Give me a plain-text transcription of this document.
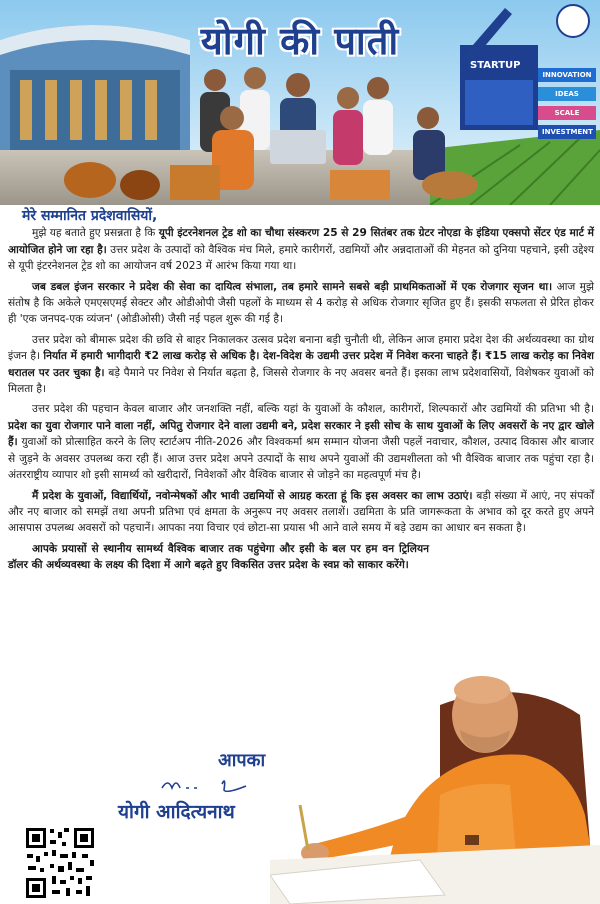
योगी की पाती
STARTUP
INNOVATION
IDEAS
SCALE
INVESTMENT
मेरे सम्मानित प्रदेशवासियों,

मुझे यह बताते हुए प्रसन्नता है कि यूपी इंटरनेशनल ट्रेड शो का चौथा संस्करण 25 से 29 सितंबर तक ग्रेटर नोएडा के इंडिया एक्सपो सेंटर एंड मार्ट में आयोजित होने जा रहा है। उत्तर प्रदेश के उत्पादों को वैश्विक मंच मिले, हमारे कारीगरों, उद्यमियों और अन्नदाताओं की मेहनत को दुनिया पहचाने, इसी उद्देश्य से यूपी इंटरनेशनल ट्रेड शो का आयोजन वर्ष 2023 में आरंभ किया गया था।

जब डबल इंजन सरकार ने प्रदेश की सेवा का दायित्व संभाला, तब हमारे सामने सबसे बड़ी प्राथमिकताओं में एक रोजगार सृजन था। आज मुझे संतोष है कि अकेले एमएसएमई सेक्टर और ओडीओपी जैसी पहलों के माध्यम से 4 करोड़ से अधिक रोजगार सृजित हुए हैं। इसकी सफलता से प्रेरित होकर ही 'एक जनपद-एक व्यंजन' (ओडीओसी) जैसी नई पहल शुरू की गई है।

उत्तर प्रदेश को बीमारू प्रदेश की छवि से बाहर निकालकर उत्सव प्रदेश बनाना बड़ी चुनौती थी, लेकिन आज हमारा प्रदेश देश की अर्थव्यवस्था का ग्रोथ इंजन है। निर्यात में हमारी भागीदारी ₹2 लाख करोड़ से अधिक है। देश-विदेश के उद्यमी उत्तर प्रदेश में निवेश करना चाहते हैं। ₹15 लाख करोड़ का निवेश धरातल पर उतर चुका है। बड़े पैमाने पर निवेश से निर्यात बढ़ता है, जिससे रोजगार के नए अवसर बनते हैं। इसका लाभ प्रदेशवासियों, विशेषकर युवाओं को मिलता है।

उत्तर प्रदेश की पहचान केवल बाजार और जनशक्ति नहीं, बल्कि यहां के युवाओं के कौशल, कारीगरों, शिल्पकारों और उद्यमियों की प्रतिभा भी है। प्रदेश का युवा रोजगार पाने वाला नहीं, अपितु रोजगार देने वाला उद्यमी बने, प्रदेश सरकार ने इसी सोच के साथ युवाओं के लिए अवसरों के नए द्वार खोले हैं। युवाओं को प्रोत्साहित करने के लिए स्टार्टअप नीति-2026 और विश्वकर्मा श्रम सम्मान योजना जैसी पहलें नवाचार, कौशल, उत्पाद विकास और बाजार से जुड़ने के अवसर उपलब्ध करा रही हैं। आज उत्तर प्रदेश अपने उत्पादों के साथ अपने युवाओं की उद्यमशीलता को भी वैश्विक बाजार तक पहुंचा रहा है। अंतरराष्ट्रीय व्यापार शो इसी सामर्थ्य को खरीदारों, निवेशकों और वैश्विक बाजार से जोड़ने का महत्वपूर्ण मंच है।

मैं प्रदेश के युवाओं, विद्यार्थियों, नवोन्मेषकों और भावी उद्यमियों से आग्रह करता हूं कि इस अवसर का लाभ उठाएं। बड़ी संख्या में आएं, नए संपर्कों और नए बाजार को समझें तथा अपनी प्रतिभा एवं क्षमता के अनुरूप नए अवसर तलाशें। उद्यमिता के प्रति जागरूकता के अभाव को दूर करते हुए अपने आसपास उपलब्ध अवसरों को पहचानें। आपका नया विचार एवं छोटा-सा प्रयास भी आने वाले समय में बड़े उद्यम का आधार बन सकता है।

आपके प्रयासों से स्थानीय सामर्थ्य वैश्विक बाजार तक पहुंचेगा और इसी के बल पर हम वन ट्रिलियन डॉलर की अर्थव्यवस्था के लक्ष्य की दिशा में आगे बढ़ते हुए विकसित उत्तर प्रदेश के स्वप्न को साकार करेंगे।

आपका
योगी आदित्यनाथ
